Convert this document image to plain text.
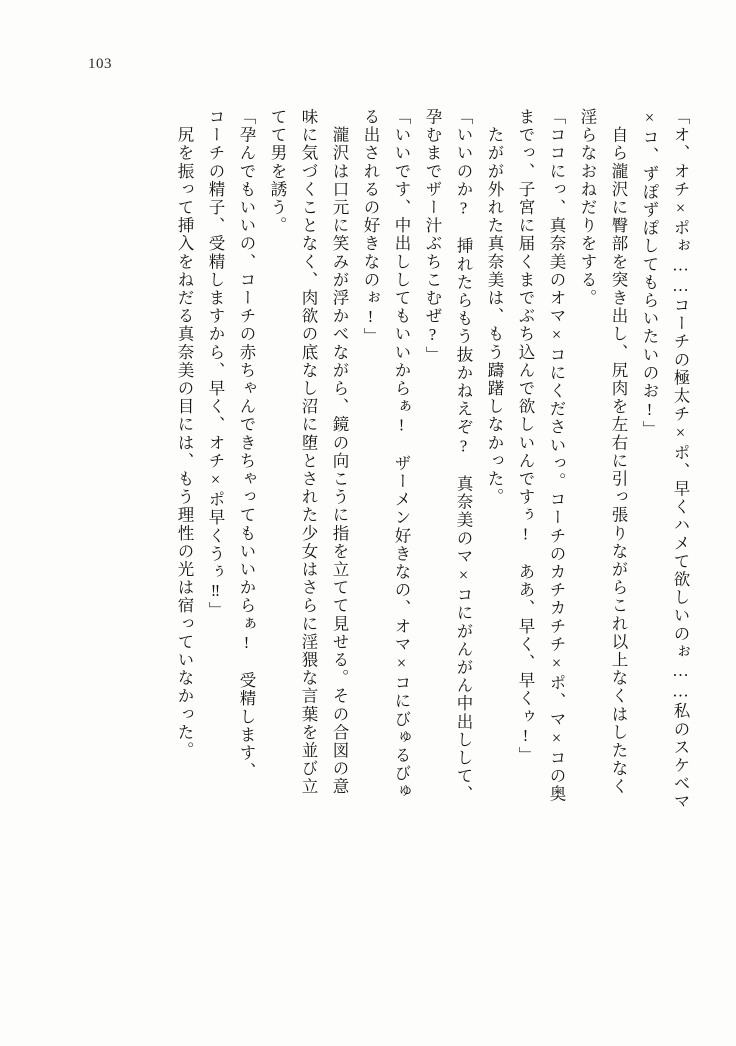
103
「オ、オチ×ポぉ……コーチの極太チ×ポ、早くハメて欲しいのぉ……私のスケベマ
×コ、ずぽずぽしてもらいたいのお!」
　自ら瀧沢に臀部を突き出し、尻肉を左右に引っ張りながらこれ以上なくはしたなく
淫らなおねだりをする。
「ココにっ、真奈美のオマ×コにくださいっ。コーチのカチカチチ×ポ、マ×コの奥
までっ、子宮に届くまでぶち込んで欲しいんですぅ!　ああ、早く、早くゥ!」
　たがが外れた真奈美は、もう躊躇しなかった。
「いいのか?　挿れたらもう抜かねえぞ?　真奈美のマ×コにがんがん中出しして、
孕むまでザー汁ぶちこむぜ?」
「いいです、中出ししてもいいからぁ!　ザーメン好きなの、オマ×コにびゅるびゅ
る出されるの好きなのぉ!」
　瀧沢は口元に笑みが浮かべながら、鏡の向こうに指を立てて見せる。その合図の意
味に気づくことなく、肉欲の底なし沼に堕とされた少女はさらに淫猥な言葉を並び立
てて男を誘う。
「孕んでもいいの、コーチの赤ちゃんできちゃってもいいからぁ!　受精します、
コーチの精子、受精しますから、早く、オチ×ポ早くうぅ‼」
　尻を振って挿入をねだる真奈美の目には、もう理性の光は宿っていなかった。
